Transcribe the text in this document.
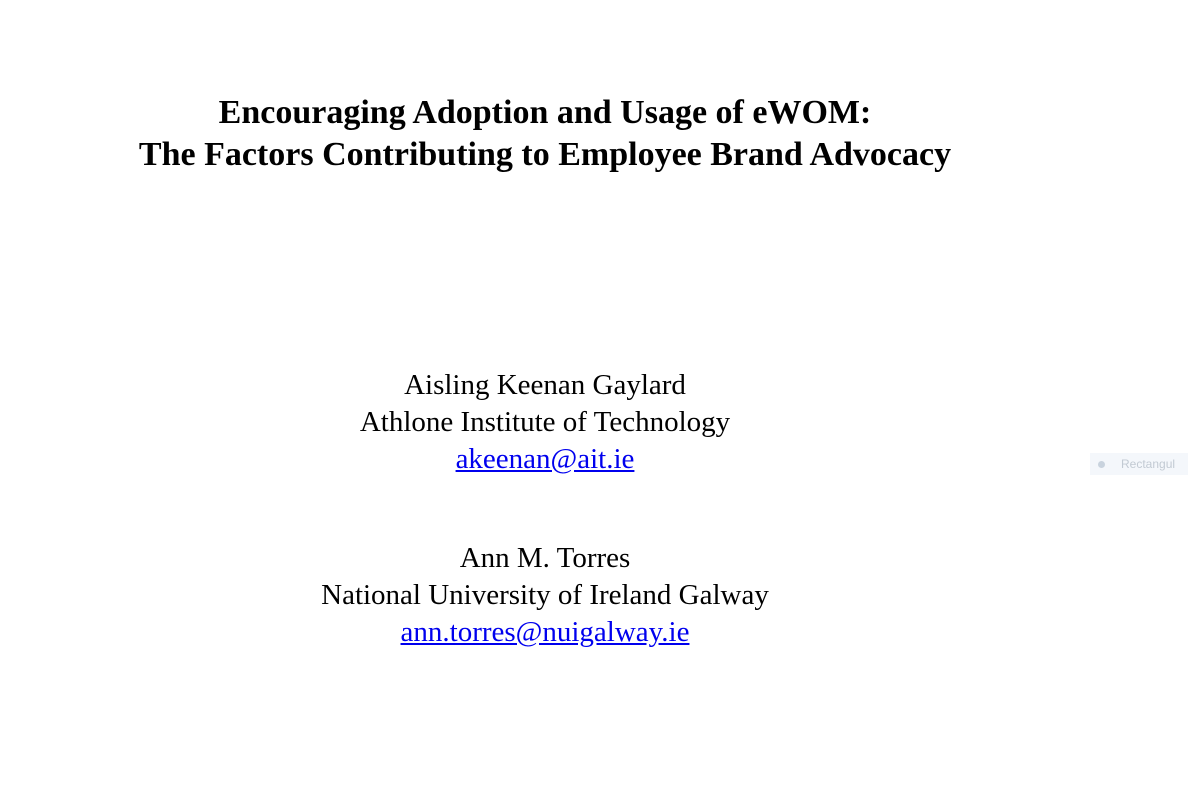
Encouraging Adoption and Usage of eWOM:
The Factors Contributing to Employee Brand Advocacy
Aisling Keenan Gaylard
Athlone Institute of Technology
akeenan@ait.ie
Ann M. Torres
National University of Ireland Galway
ann.torres@nuigalway.ie
Rectangul
